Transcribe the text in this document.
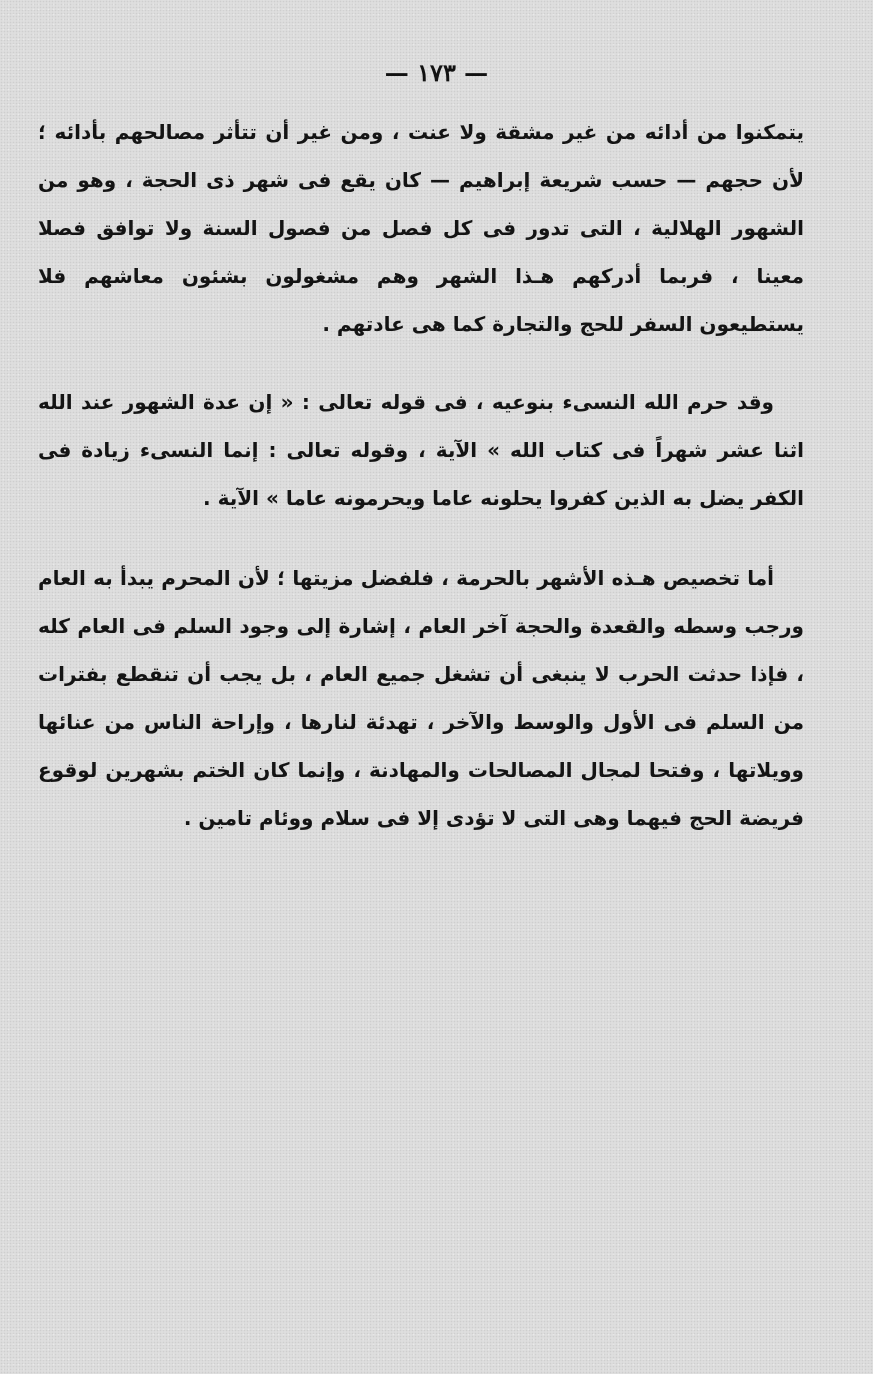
— ١٧٣ —

يتمكنوا من أدائه من غير مشقة ولا عنت ، ومن غير أن تتأثر مصالحهم بأدائه ؛ لأن حجهم — حسب شريعة إبراهيم — كان يقع فى شهر ذى الحجة ، وهو من الشهور الهلالية ، التى تدور فى كل فصل من فصول السنة ولا توافق فصلا معينا ، فربما أدركهم هـذا الشهر وهم مشغولون بشئون معاشهم فلا يستطيعون السفر للحج والتجارة كما هى عادتهم .

وقد حرم الله النسىء بنوعيه ، فى قوله تعالى : « إن عدة الشهور عند الله اثنا عشر شهراً فى كتاب الله » الآية ، وقوله تعالى : إنما النسىء زيادة فى الكفر يضل به الذين كفروا يحلونه عاما ويحرمونه عاما » الآية .

أما تخصيص هـذه الأشهر بالحرمة ، فلفضل مزيتها ؛ لأن المحرم يبدأ به العام ورجب وسطه والقعدة والحجة آخر العام ، إشارة إلى وجود السلم فى العام كله ، فإذا حدثت الحرب لا ينبغى أن تشغل جميع العام ، بل يجب أن تنقطع بفترات من السلم فى الأول والوسط والآخر ، تهدئة لنارها ، وإراحة الناس من عنائها وويلاتها ، وفتحا لمجال المصالحات والمهادنة ، وإنما كان الختم بشهرين لوقوع فريضة الحج فيهما وهى التى لا تؤدى إلا فى سلام ووئام تامين .
